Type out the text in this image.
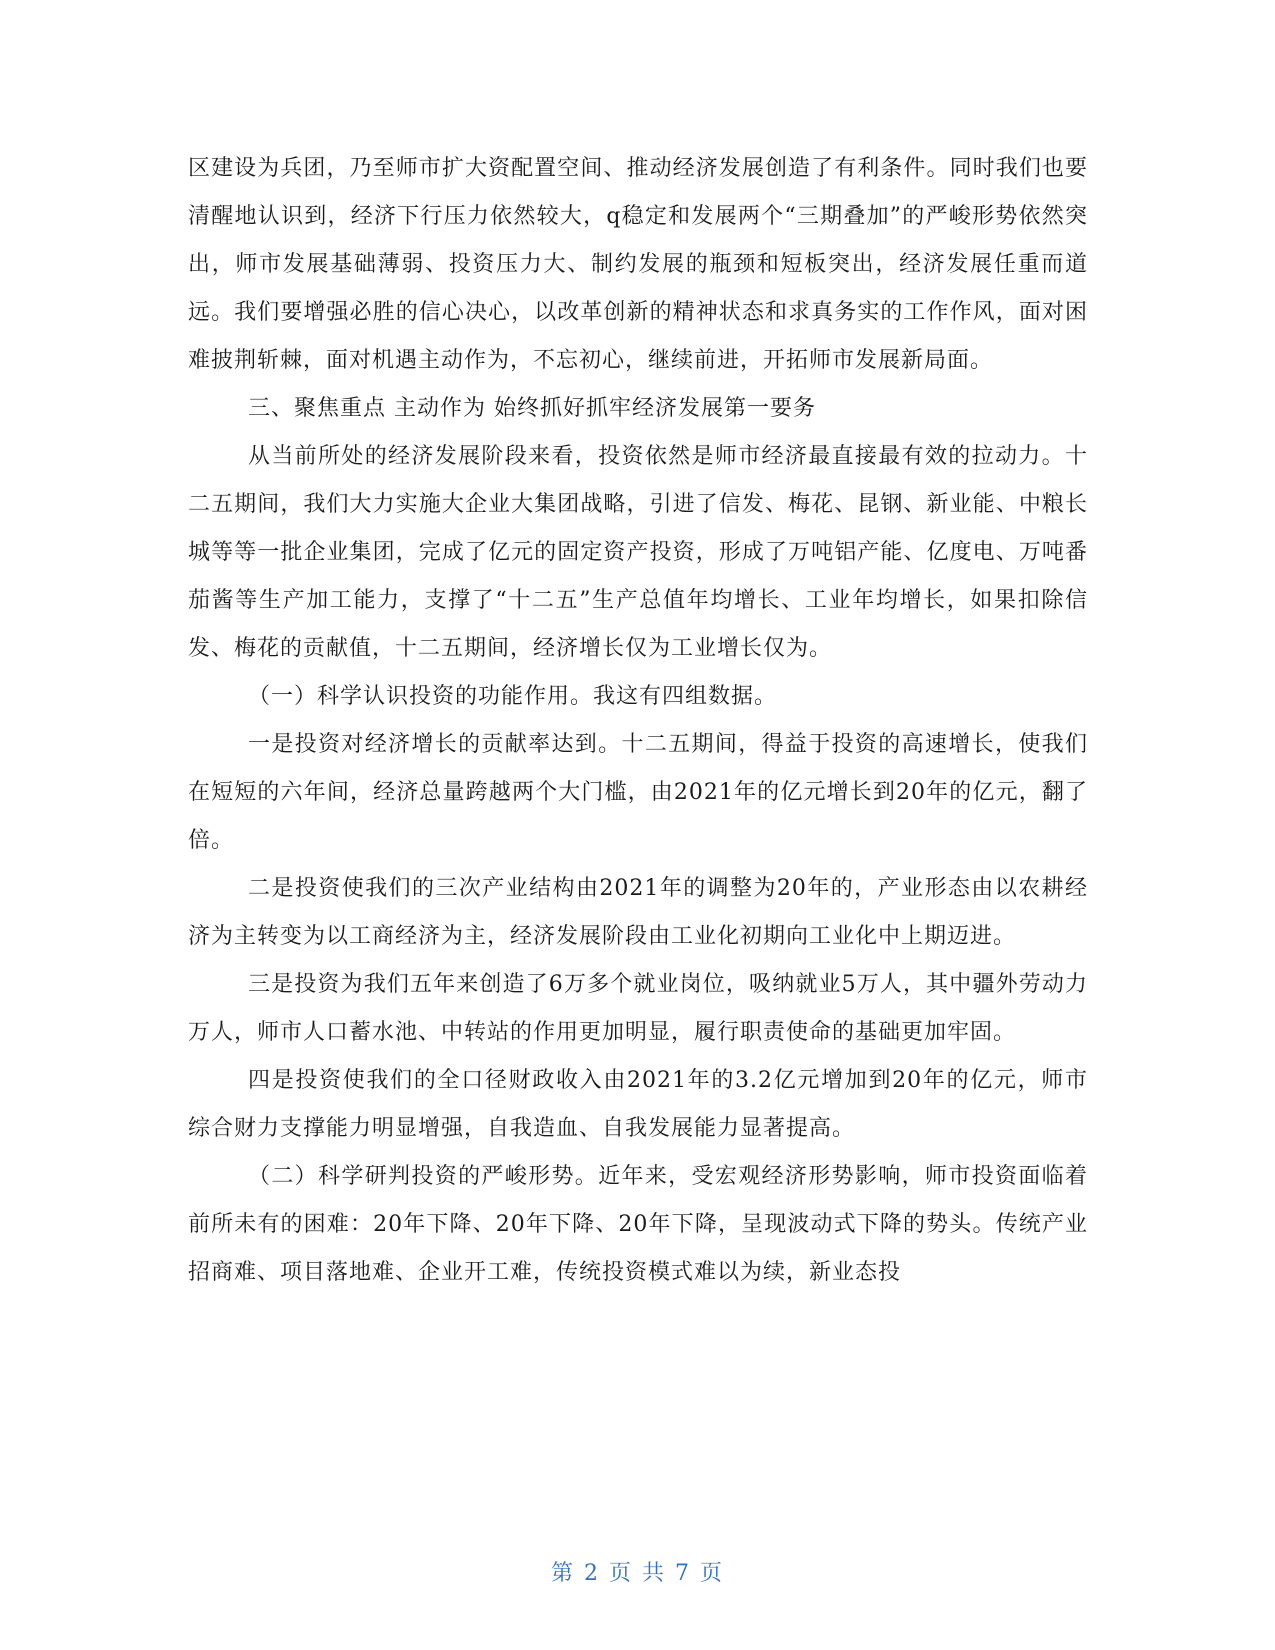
区建设为兵团，乃至师市扩大资配置空间、推动经济发展创造了有利条件。同时我们也要清醒地认识到，经济下行压力依然较大，q稳定和发展两个“三期叠加”的严峻形势依然突出，师市发展基础薄弱、投资压力大、制约发展的瓶颈和短板突出，经济发展任重而道远。我们要增强必胜的信心决心，以改革创新的精神状态和求真务实的工作作风，面对困难披荆斩棘，面对机遇主动作为，不忘初心，继续前进，开拓师市发展新局面。

三、聚焦重点 主动作为 始终抓好抓牢经济发展第一要务

从当前所处的经济发展阶段来看，投资依然是师市经济最直接最有效的拉动力。十二五期间，我们大力实施大企业大集团战略，引进了信发、梅花、昆钢、新业能、中粮长城等等一批企业集团，完成了亿元的固定资产投资，形成了万吨铝产能、亿度电、万吨番茄酱等生产加工能力，支撑了“十二五”生产总值年均增长、工业年均增长，如果扣除信发、梅花的贡献值，十二五期间，经济增长仅为工业增长仅为。

（一）科学认识投资的功能作用。我这有四组数据。

一是投资对经济增长的贡献率达到。十二五期间，得益于投资的高速增长，使我们在短短的六年间，经济总量跨越两个大门槛，由2021年的亿元增长到20年的亿元，翻了倍。

二是投资使我们的三次产业结构由2021年的调整为20年的，产业形态由以农耕经济为主转变为以工商经济为主，经济发展阶段由工业化初期向工业化中上期迈进。

三是投资为我们五年来创造了6万多个就业岗位，吸纳就业5万人，其中疆外劳动力万人，师市人口蓄水池、中转站的作用更加明显，履行职责使命的基础更加牢固。

四是投资使我们的全口径财政收入由2021年的3.2亿元增加到20年的亿元，师市综合财力支撑能力明显增强，自我造血、自我发展能力显著提高。

（二）科学研判投资的严峻形势。近年来，受宏观经济形势影响，师市投资面临着前所未有的困难：20年下降、20年下降、20年下降，呈现波动式下降的势头。传统产业招商难、项目落地难、企业开工难，传统投资模式难以为续，新业态投

第 2 页 共 7 页
